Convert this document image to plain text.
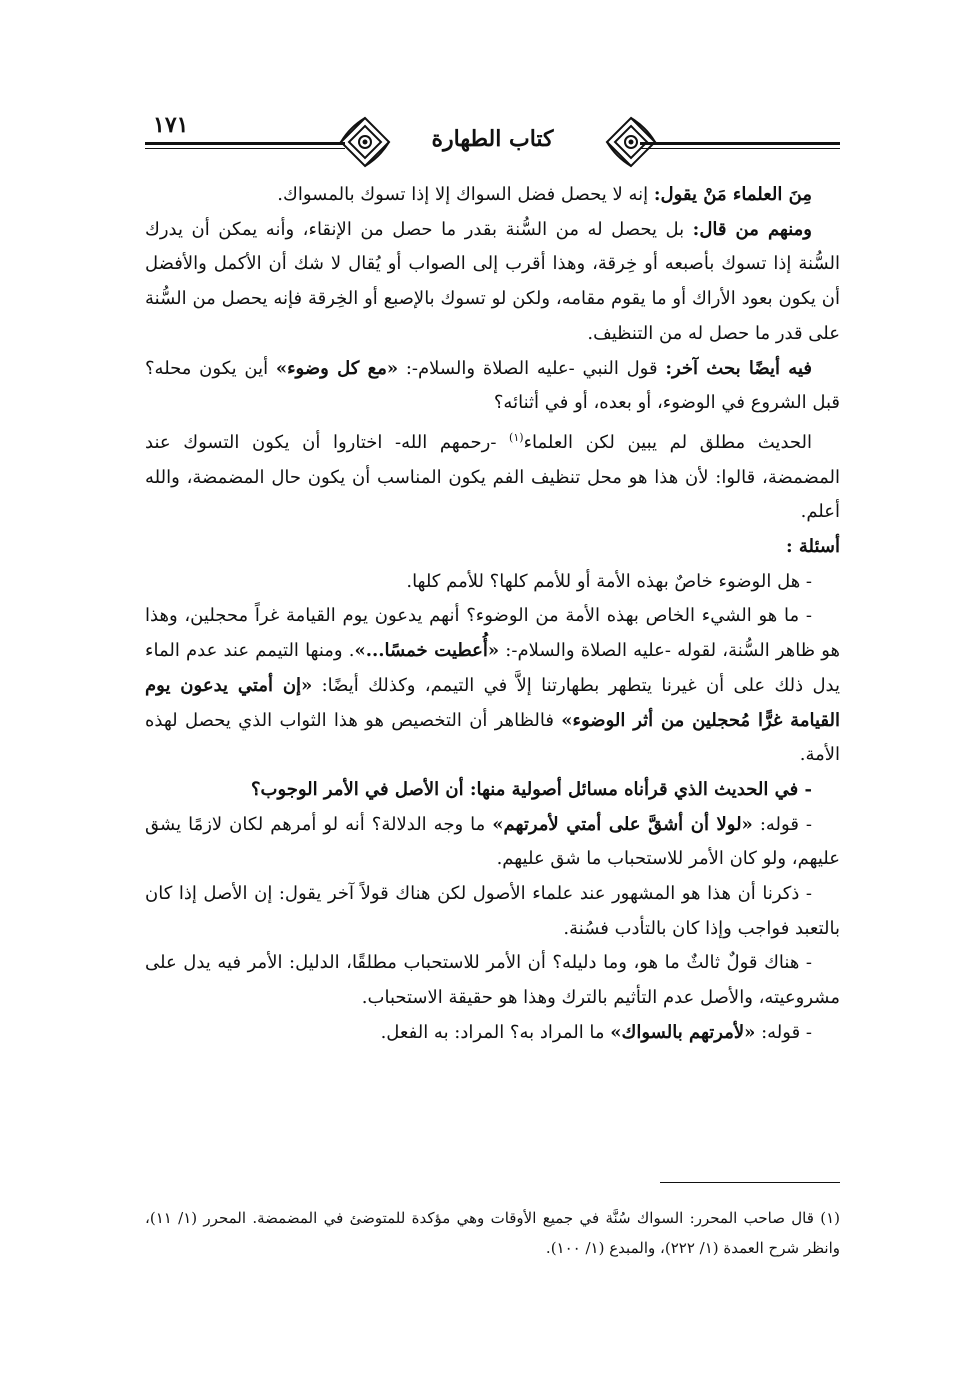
١٧١
كتاب الطهارة

مِنَ العلماء مَنْ يقول: إنه لا يحصل فضل السواك إلا إذا تسوك بالمسواك.

ومنهم من قال: بل يحصل له من السُّنة بقدر ما حصل من الإنقاء، وأنه يمكن أن يدرك السُّنة إذا تسوك بأصبعه أو خِرقة، وهذا أقرب إلى الصواب أو يُقال لا شك أن الأكمل والأفضل أن يكون بعود الأراك أو ما يقوم مقامه، ولكن لو تسوك بالإصبع أو الخِرقة فإنه يحصل من السُّنة على قدر ما حصل له من التنظيف.

فيه أيضًا بحث آخر: قول النبي -عليه الصلاة والسلام-: «مع كل وضوء» أين يكون محله؟ قبل الشروع في الوضوء، أو بعده، أو في أثنائه؟

الحديث مطلق لم يبين لكن العلماء$^{(١)}$ -رحمهم الله- اختاروا أن يكون التسوك عند المضمضة، قالوا: لأن هذا هو محل تنظيف الفم يكون المناسب أن يكون حال المضمضة، والله أعلم.

أسئلة :

- هل الوضوء خاصٌ بهذه الأمة أو للأمم كلها؟ للأمم كلها.

- ما هو الشيء الخاص بهذه الأمة من الوضوء؟ أنهم يدعون يوم القيامة غراً محجلين، وهذا هو ظاهر السُّنة، لقوله -عليه الصلاة والسلام-: «أُعطيت خمسًا...». ومنها التيمم عند عدم الماء يدل ذلك على أن غيرنا يتطهر بطهارتنا إلاَّ في التيمم، وكذلك أيضًا: «إن أمتي يدعون يوم القيامة غرًّا مُحجلين من أثر الوضوء» فالظاهر أن التخصيص هو هذا الثواب الذي يحصل لهذه الأمة.

- في الحديث الذي قرأناه مسائل أصولية منها: أن الأصل في الأمر الوجوب؟

- قوله: «لولا أن أشقَّ على أمتي لأمرتهم» ما وجه الدلالة؟ أنه لو أمرهم لكان لازمًا يشق عليهم، ولو كان الأمر للاستحباب ما شق عليهم.

- ذكرنا أن هذا هو المشهور عند علماء الأصول لكن هناك قولاً آخر يقول: إن الأصل إذا كان بالتعبد فواجب وإذا كان بالتأدب فسُنة.

- هناك قولٌ ثالثٌ ما هو، وما دليله؟ أن الأمر للاستحباب مطلقًا، الدليل: الأمر فيه يدل على مشروعيته، والأصل عدم التأثيم بالترك وهذا هو حقيقة الاستحباب.

- قوله: «لأمرتهم بالسواك» ما المراد به؟ المراد: به الفعل.

(١) قال صاحب المحرر: السواك سُنَّة في جميع الأوقات وهي مؤكدة للمتوضئ في المضمضة. المحرر (١/ ١١)، وانظر شرح العمدة (١/ ٢٢٢)، والمبدع (١/ ١٠٠).
